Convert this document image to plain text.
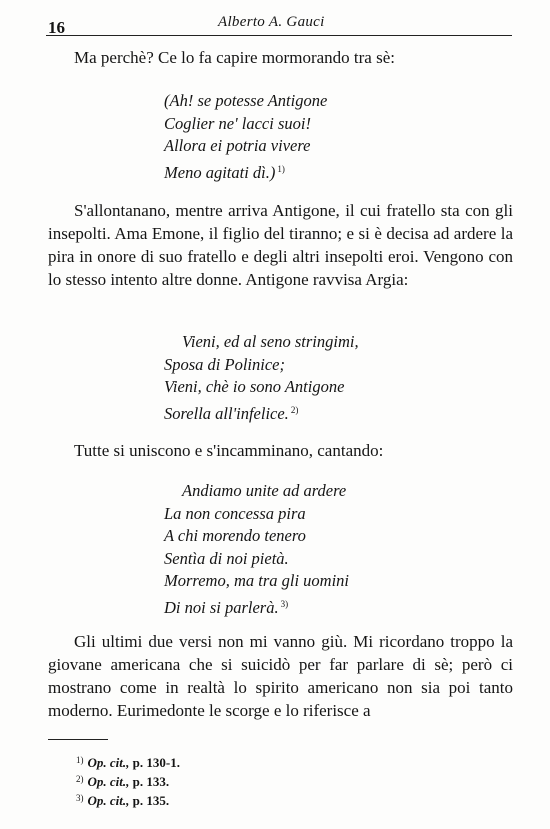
16	Alberto A. Gauci

Ma perchè? Ce lo fa capire mormorando tra sè:

(Ah! se potesse Antigone
Coglier ne' lacci suoi!
Allora ei potria vivere
Meno agitati dì.) $^{1)}$

S'allontanano, mentre arriva Antigone, il cui fratello sta con gli insepolti. Ama Emone, il figlio del tiranno; e si è decisa ad ardere la pira in onore di suo fratello e degli altri insepolti eroi. Vengono con lo stesso intento altre donne. Antigone ravvisa Argia:

Vieni, ed al seno stringimi,
Sposa di Polinice;
Vieni, chè io sono Antigone
Sorella all'infelice. $^{2)}$

Tutte si uniscono e s'incamminano, cantando:

Andiamo unite ad ardere
La non concessa pira
A chi morendo tenero
Sentìa di noi pietà.
Morremo, ma tra gli uomini
Di noi si parlerà. $^{3)}$

Gli ultimi due versi non mi vanno giù. Mi ricordano troppo la giovane americana che si suicidò per far parlare di sè; però ci mostrano come in realtà lo spirito americano non sia poi tanto moderno. Eurimedonte le scorge e lo riferisce a

$^{1)}$ Op. cit., p. 130-1.
$^{2)}$ Op. cit., p. 133.
$^{3)}$ Op. cit., p. 135.
